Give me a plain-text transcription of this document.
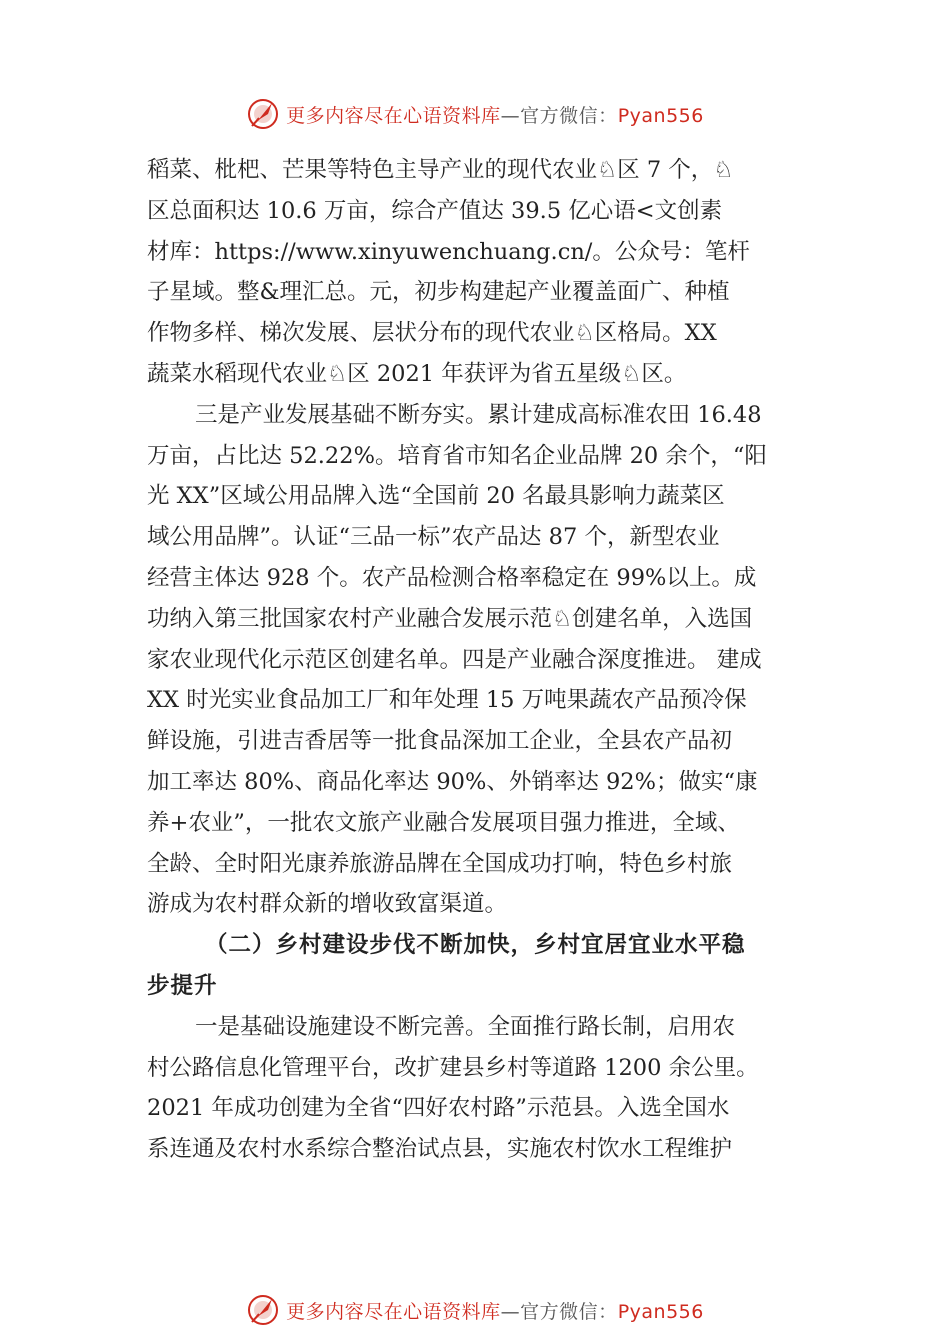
更多内容尽在心语资料库—官方微信：Pyan556
稻菜、枇杷、芒果等特色主导产业的现代农业♘区 7 个，♘
区总面积达 10.6 万亩，综合产值达 39.5 亿心语<文创素
材库：https://www.xinyuwenchuang.cn/。公众号：笔杆
子星域。整&理汇总。元，初步构建起产业覆盖面广、种植
作物多样、梯次发展、层状分布的现代农业♘区格局。XX
蔬菜水稻现代农业♘区 2021 年获评为省五星级♘区。
三是产业发展基础不断夯实。累计建成高标准农田 16.48
万亩，占比达 52.22%。培育省市知名企业品牌 20 余个，“阳
光 XX”区域公用品牌入选“全国前 20 名最具影响力蔬菜区
域公用品牌”。认证“三品一标”农产品达 87 个，新型农业
经营主体达 928 个。农产品检测合格率稳定在 99%以上。成
功纳入第三批国家农村产业融合发展示范♘创建名单，入选国
家农业现代化示范区创建名单。四是产业融合深度推进。 建成
XX 时光实业食品加工厂和年处理 15 万吨果蔬农产品预冷保
鲜设施，引进吉香居等一批食品深加工企业，全县农产品初
加工率达 80%、商品化率达 90%、外销率达 92%；做实“康
养+农业”，一批农文旅产业融合发展项目强力推进，全域、
全龄、全时阳光康养旅游品牌在全国成功打响，特色乡村旅
游成为农村群众新的增收致富渠道。
（二）乡村建设步伐不断加快，乡村宜居宜业水平稳
步提升
一是基础设施建设不断完善。全面推行路长制，启用农
村公路信息化管理平台，改扩建县乡村等道路 1200 余公里。
2021 年成功创建为全省“四好农村路”示范县。入选全国水
系连通及农村水系综合整治试点县，实施农村饮水工程维护
更多内容尽在心语资料库—官方微信：Pyan556
